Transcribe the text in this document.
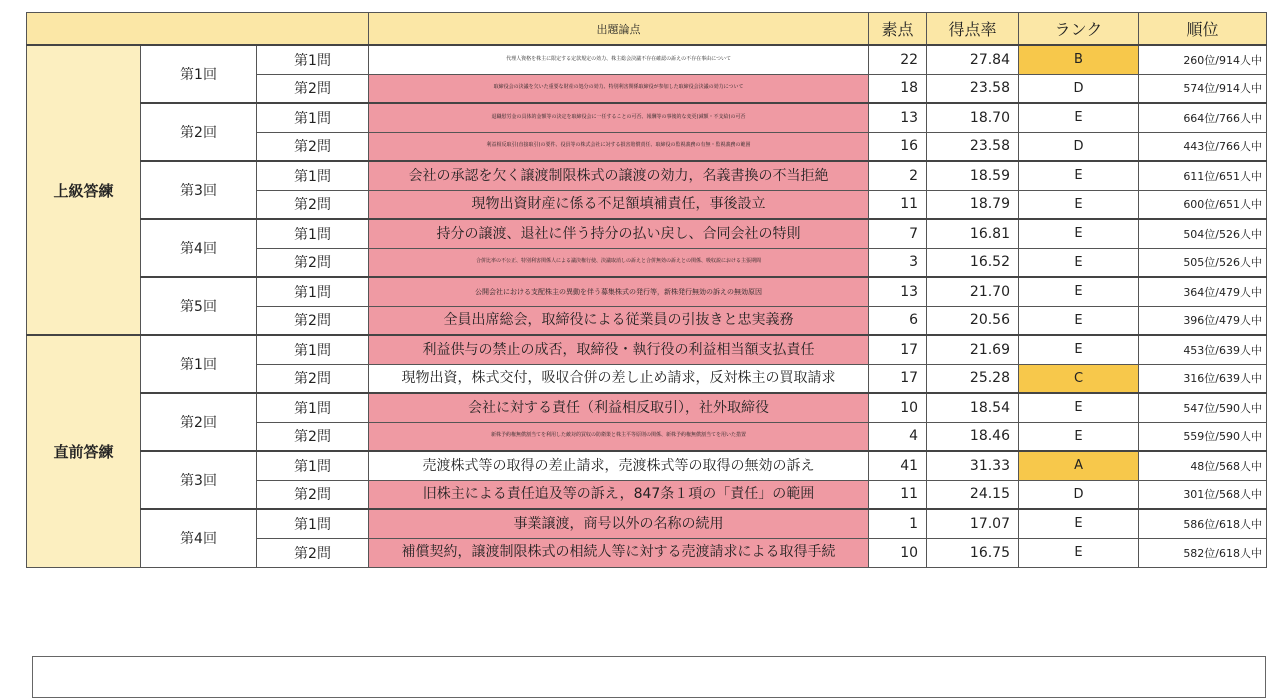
			出題論点	素点	得点率	ランク	順位
上級答練	第1回	第1問	代理人資格を株主に限定する定款規定の効力、株主総会決議不存在確認の訴えの不存在事由について	22	27.84	B	260位/914人中
		第2問	取締役会の決議を欠いた重要な財産の処分の効力、特別利害関係取締役が参加した取締役会決議の効力について	18	23.58	D	574位/914人中
	第2回	第1問	退職慰労金の具体的金額等の決定を取締役会に一任することの可否、報酬等の事後的な変更(減額・不支給)の可否	13	18.70	E	664位/766人中
		第2問	利益相反取引(直接取引)の要件、役員等の株式会社に対する損害賠償責任、取締役の監視義務の有無・監視義務の範囲	16	23.58	D	443位/766人中
	第3回	第1問	会社の承認を欠く譲渡制限株式の譲渡の効力，名義書換の不当拒絶	2	18.59	E	611位/651人中
		第2問	現物出資財産に係る不足額填補責任，事後設立	11	18.79	E	600位/651人中
	第4回	第1問	持分の譲渡、退社に伴う持分の払い戻し、合同会社の特則	7	16.81	E	504位/526人中
		第2問	合併比率の不公正、特別利害関係人による議決権行使、決議取消しの訴えと合併無効の訴えとの関係、吸収説における主張期間	3	16.52	E	505位/526人中
	第5回	第1問	公開会社における支配株主の異動を伴う募集株式の発行等，新株発行無効の訴えの無効原因	13	21.70	E	364位/479人中
		第2問	全員出席総会，取締役による従業員の引抜きと忠実義務	6	20.56	E	396位/479人中
直前答練	第1回	第1問	利益供与の禁止の成否，取締役・執行役の利益相当額支払責任	17	21.69	E	453位/639人中
		第2問	現物出資，株式交付，吸収合併の差し止め請求，反対株主の買取請求	17	25.28	C	316位/639人中
	第2回	第1問	会社に対する責任（利益相反取引），社外取締役	10	18.54	E	547位/590人中
		第2問	新株予約権無償割当てを利用した敵対的買収の防衛策と株主平等原則の関係、新株予約権無償割当てを用いた措置	4	18.46	E	559位/590人中
	第3回	第1問	売渡株式等の取得の差止請求，売渡株式等の取得の無効の訴え	41	31.33	A	48位/568人中
		第2問	旧株主による責任追及等の訴え，847条１項の「責任」の範囲	11	24.15	D	301位/568人中
	第4回	第1問	事業譲渡，商号以外の名称の続用	1	17.07	E	586位/618人中
		第2問	補償契約，譲渡制限株式の相続人等に対する売渡請求による取得手続	10	16.75	E	582位/618人中
